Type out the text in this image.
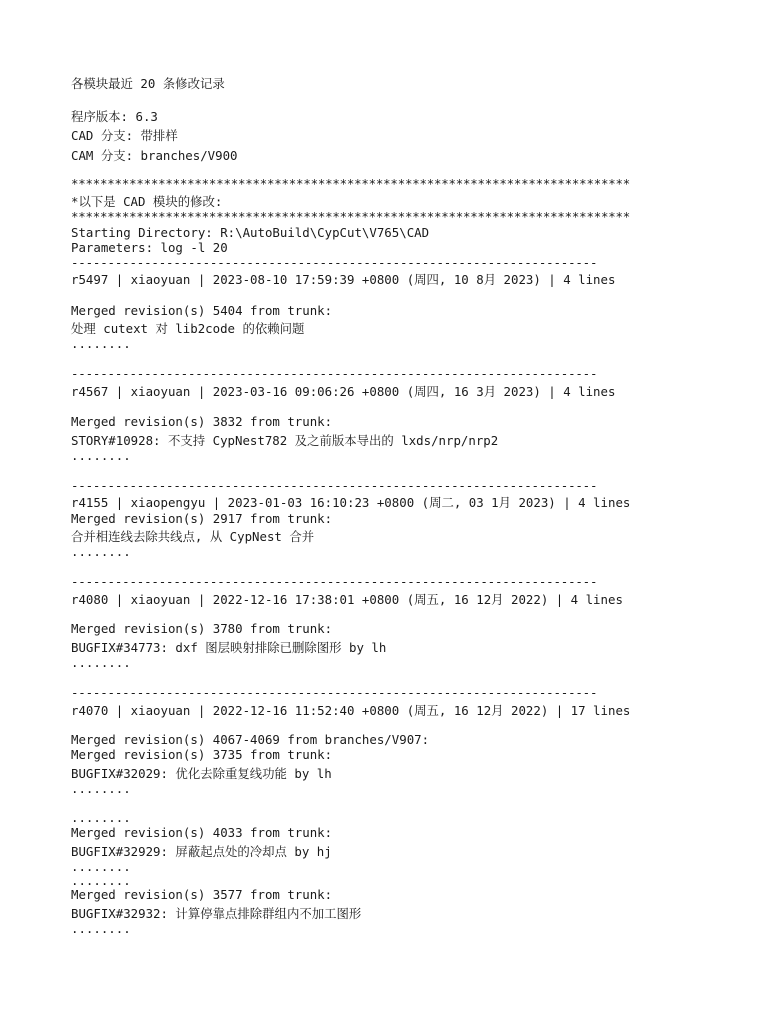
各模块最近 20 条修改记录
程序版本: 6.3
CAD 分支: 带排样
CAM 分支: branches/V900
*****************************************************************************
*以下是 CAD 模块的修改:
*****************************************************************************
Starting Directory: R:\AutoBuild\CypCut\V765\CAD
Parameters: log -l 20
------------------------------------------------------------------------
r5497 | xiaoyuan | 2023-08-10 17:59:39 +0800 (周四, 10 8月 2023) | 4 lines
Merged revision(s) 5404 from trunk:
处理 cutext 对 lib2code 的依赖问题
........
------------------------------------------------------------------------
r4567 | xiaoyuan | 2023-03-16 09:06:26 +0800 (周四, 16 3月 2023) | 4 lines
Merged revision(s) 3832 from trunk:
STORY#10928: 不支持 CypNest782 及之前版本导出的 lxds/nrp/nrp2
........
------------------------------------------------------------------------
r4155 | xiaopengyu | 2023-01-03 16:10:23 +0800 (周二, 03 1月 2023) | 4 lines
Merged revision(s) 2917 from trunk:
合并相连线去除共线点, 从 CypNest 合并
........
------------------------------------------------------------------------
r4080 | xiaoyuan | 2022-12-16 17:38:01 +0800 (周五, 16 12月 2022) | 4 lines
Merged revision(s) 3780 from trunk:
BUGFIX#34773: dxf 图层映射排除已删除图形 by lh
........
------------------------------------------------------------------------
r4070 | xiaoyuan | 2022-12-16 11:52:40 +0800 (周五, 16 12月 2022) | 17 lines
Merged revision(s) 4067-4069 from branches/V907:
Merged revision(s) 3735 from trunk:
BUGFIX#32029: 优化去除重复线功能 by lh
........
........
Merged revision(s) 4033 from trunk:
BUGFIX#32929: 屏蔽起点处的冷却点 by hj
........
........
Merged revision(s) 3577 from trunk:
BUGFIX#32932: 计算停靠点排除群组内不加工图形
........
